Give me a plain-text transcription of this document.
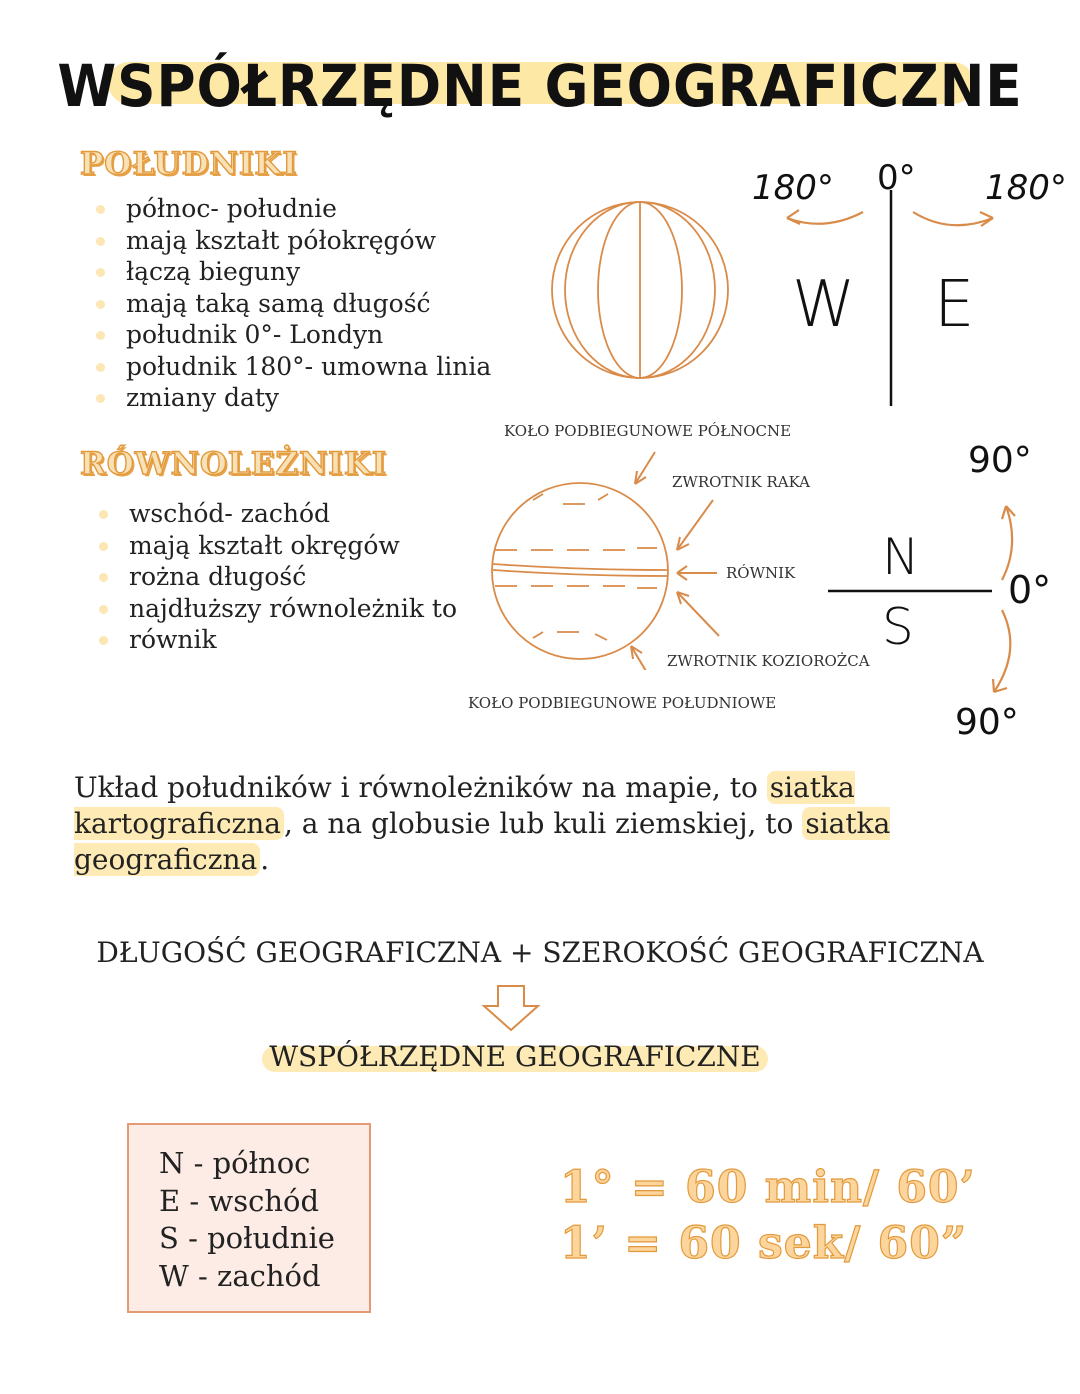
WSPÓŁRZĘDNE GEOGRAFICZNE
POŁUDNIKI
północ- południe
mają kształt półokręgów
łączą bieguny
mają taką samą długość
południk 0°- Londyn
południk 180°- umowna linia
zmiany daty
180° 0° 180°
W E
RÓWNOLEŻNIKI
wschód- zachód
mają kształt okręgów
rożna długość
najdłuższy równoleżnik to
równik
KOŁO PODBIEGUNOWE PÓŁNOCNE
ZWROTNIK RAKA
RÓWNIK
ZWROTNIK KOZIOROŻCA
KOŁO PODBIEGUNOWE POŁUDNIOWE
90°
0°
90°
N
S
Układ południków i równoleżników na mapie, to siatka kartograficzna , a na globusie lub kuli ziemskiej, to siatka geograficzna .
DŁUGOŚĆ GEOGRAFICZNA + SZEROKOŚĆ GEOGRAFICZNA
WSPÓŁRZĘDNE GEOGRAFICZNE
N - północ
E - wschód
S - południe
W - zachód
1° = 60 min/ 60’
1’ = 60 sek/ 60”
